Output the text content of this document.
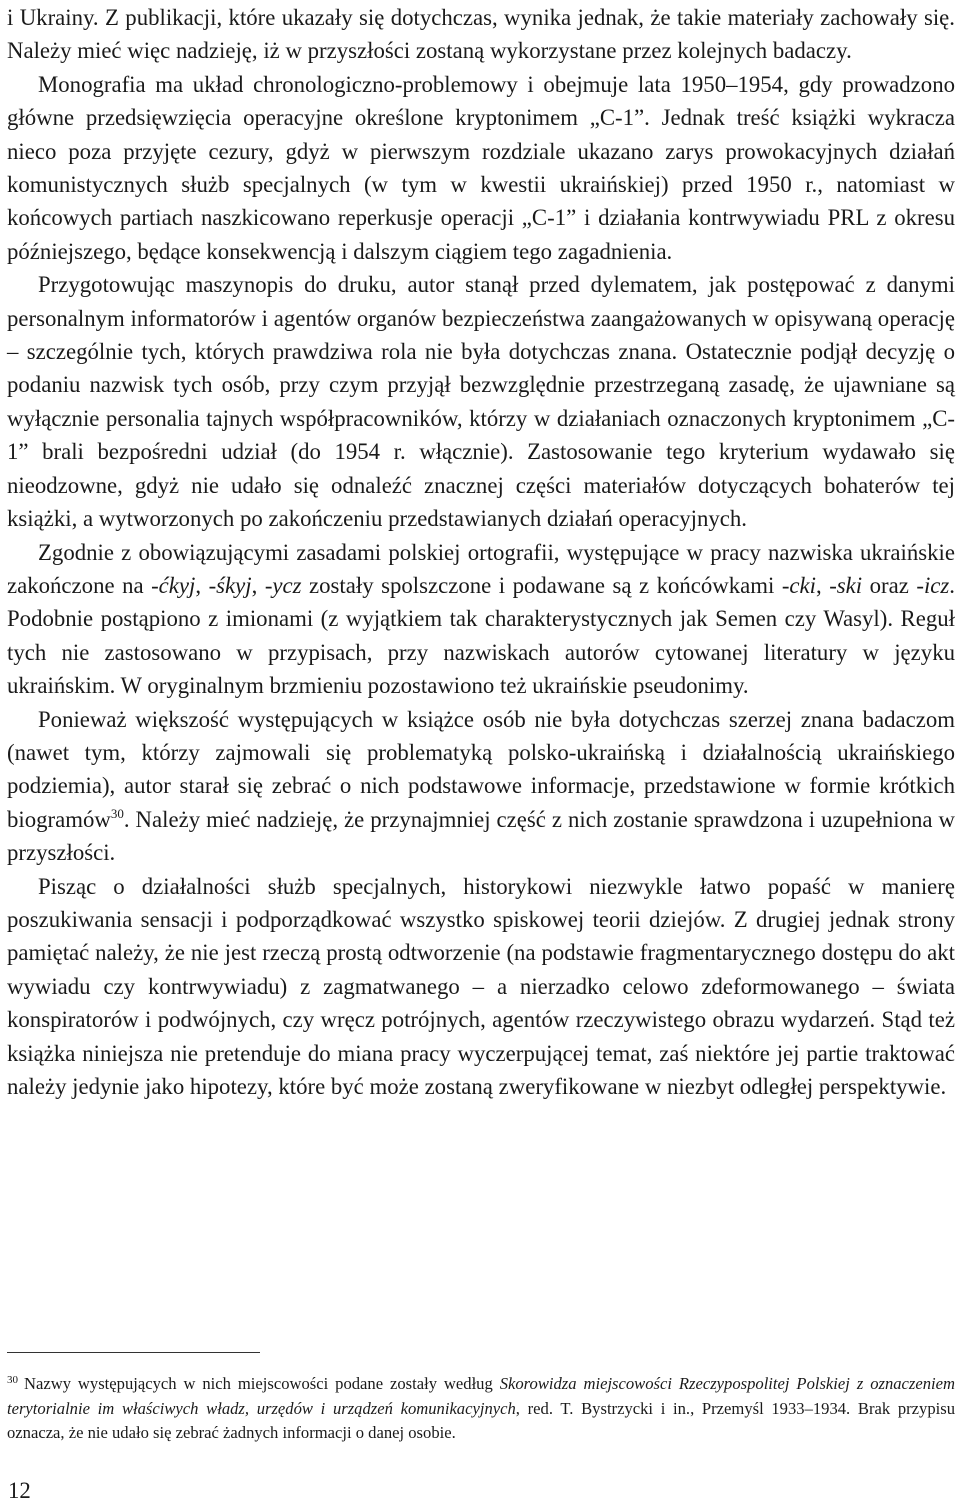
i Ukrainy. Z publikacji, które ukazały się dotychczas, wynika jednak, że takie materiały zachowały się. Należy mieć więc nadzieję, iż w przyszłości zostaną wykorzystane przez kolejnych badaczy.

Monografia ma układ chronologiczno-problemowy i obejmuje lata 1950–1954, gdy prowadzono główne przedsięwzięcia operacyjne określone kryptonimem „C-1”. Jednak treść książki wykracza nieco poza przyjęte cezury, gdyż w pierwszym rozdziale ukazano zarys prowokacyjnych działań komunistycznych służb specjalnych (w tym w kwestii ukraińskiej) przed 1950 r., natomiast w końcowych partiach naszkicowano reperkusje operacji „C-1” i działania kontrwywiadu PRL z okresu późniejszego, będące konsekwencją i dalszym ciągiem tego zagadnienia.

Przygotowując maszynopis do druku, autor stanął przed dylematem, jak postępować z danymi personalnym informatorów i agentów organów bezpieczeństwa zaangażowanych w opisywaną operację – szczególnie tych, których prawdziwa rola nie była dotychczas znana. Ostatecznie podjął decyzję o podaniu nazwisk tych osób, przy czym przyjął bezwzględnie przestrzeganą zasadę, że ujawniane są wyłącznie personalia tajnych współpracowników, którzy w działaniach oznaczonych kryptonimem „C-1” brali bezpośredni udział (do 1954 r. włącznie). Zastosowanie tego kryterium wydawało się nieodzowne, gdyż nie udało się odnaleźć znacznej części materiałów dotyczących bohaterów tej książki, a wytworzonych po zakończeniu przedstawianych działań operacyjnych.

Zgodnie z obowiązującymi zasadami polskiej ortografii, występujące w pracy nazwiska ukraińskie zakończone na -ćkyj, -śkyj, -ycz zostały spolszczone i podawane są z końcówkami -cki, -ski oraz -icz. Podobnie postąpiono z imionami (z wyjątkiem tak charakterystycznych jak Semen czy Wasyl). Reguł tych nie zastosowano w przypisach, przy nazwiskach autorów cytowanej literatury w języku ukraińskim. W oryginalnym brzmieniu pozostawiono też ukraińskie pseudonimy.

Ponieważ większość występujących w książce osób nie była dotychczas szerzej znana badaczom (nawet tym, którzy zajmowali się problematyką polsko-ukraińską i działalnością ukraińskiego podziemia), autor starał się zebrać o nich podstawowe informacje, przedstawione w formie krótkich biogramów$^{30}$. Należy mieć nadzieję, że przynajmniej część z nich zostanie sprawdzona i uzupełniona w przyszłości.

Pisząc o działalności służb specjalnych, historykowi niezwykle łatwo popaść w manierę poszukiwania sensacji i podporządkować wszystko spiskowej teorii dziejów. Z drugiej jednak strony pamiętać należy, że nie jest rzeczą prostą odtworzenie (na podstawie fragmentarycznego dostępu do akt wywiadu czy kontrwywiadu) z zagmatwanego – a nierzadko celowo zdeformowanego – świata konspiratorów i podwójnych, czy wręcz potrójnych, agentów rzeczywistego obrazu wydarzeń. Stąd też książka niniejsza nie pretenduje do miana pracy wyczerpującej temat, zaś niektóre jej partie traktować należy jedynie jako hipotezy, które być może zostaną zweryfikowane w niezbyt odległej perspektywie.

$^{30}$ Nazwy występujących w nich miejscowości podane zostały według Skorowidza miejscowości Rzeczypospolitej Polskiej z oznaczeniem terytorialnie im właściwych władz, urzędów i urządzeń komunikacyjnych, red. T. Bystrzycki i in., Przemyśl 1933–1934. Brak przypisu oznacza, że nie udało się zebrać żadnych informacji o danej osobie.
12
